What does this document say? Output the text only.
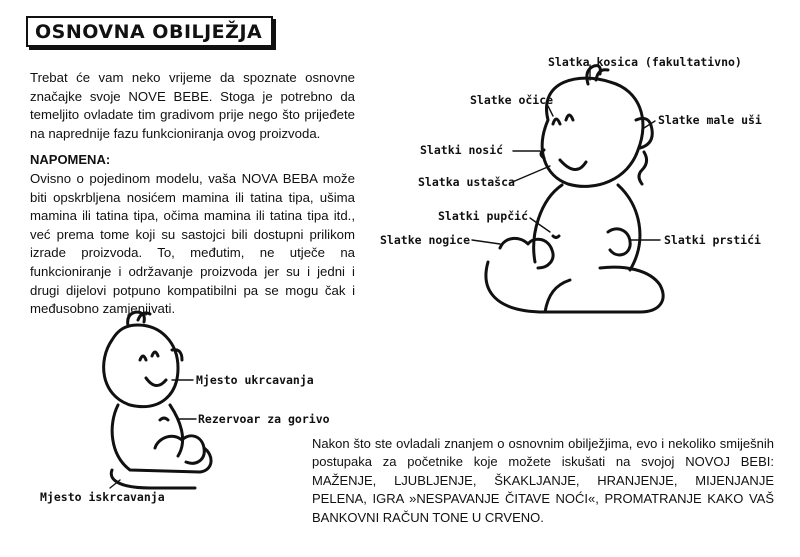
OSNOVNA OBILJEŽJA
Trebat će vam neko vrijeme da spoznate osnovne značajke svoje NOVE BEBE. Stoga je potrebno da temeljito ovladate tim gradivom prije nego što prijeđete na naprednije fazu funkcioniranja ovog proizvoda.
NAPOMENA:
Ovisno o pojedinom modelu, vaša NOVA BEBA može biti opskrbljena nosićem mamina ili tatina tipa, ušima mamina ili tatina tipa, očima mamina ili tatina tipa itd., već prema tome koji su sastojci bili dostupni prilikom izrade proizvoda. To, međutim, ne utječe na funkcioniranje i održavanje proizvoda jer su i jedni i drugi dijelovi potpuno kompatibilni pa se mogu čak i međusobno zamjenjivati.
Nakon što ste ovladali znanjem o osnovnim obilježjima, evo i nekoliko smiješnih postupaka za početnike koje možete iskušati na svojoj NOVOJ BEBI: MAŽENJE, LJUBLJENJE, ŠKAKLJANJE, HRANJENJE, MIJENJANJE PELENA, IGRA »NESPAVANJE ČITAVE NOĆI«, PROMATRANJE KAKO VAŠ BANKOVNI RAČUN TONE U CRVENO.
Slatka kosica (fakultativno)
Slatke očice
Slatke male uši
Slatki nosić
Slatka ustašca
Slatki pupčić
Slatke nogice	Slatki prstići
Mjesto ukrcavanja
Rezervoar za gorivo
Mjesto iskrcavanja
